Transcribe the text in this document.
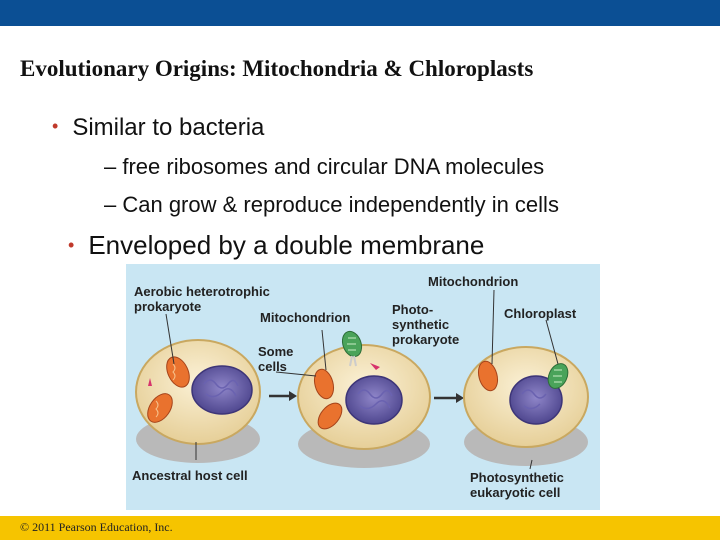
Evolutionary Origins: Mitochondria & Chloroplasts
• Similar to bacteria
– free ribosomes and circular DNA molecules
– Can grow & reproduce independently in cells
• Enveloped by a double membrane
Aerobic heterotrophic
prokaryote
Mitochondrion
Some
cells
Photo-
synthetic
prokaryote
Mitochondrion
Chloroplast
Ancestral host cell	Photosynthetic
eukaryotic cell
© 2011 Pearson Education, Inc.
